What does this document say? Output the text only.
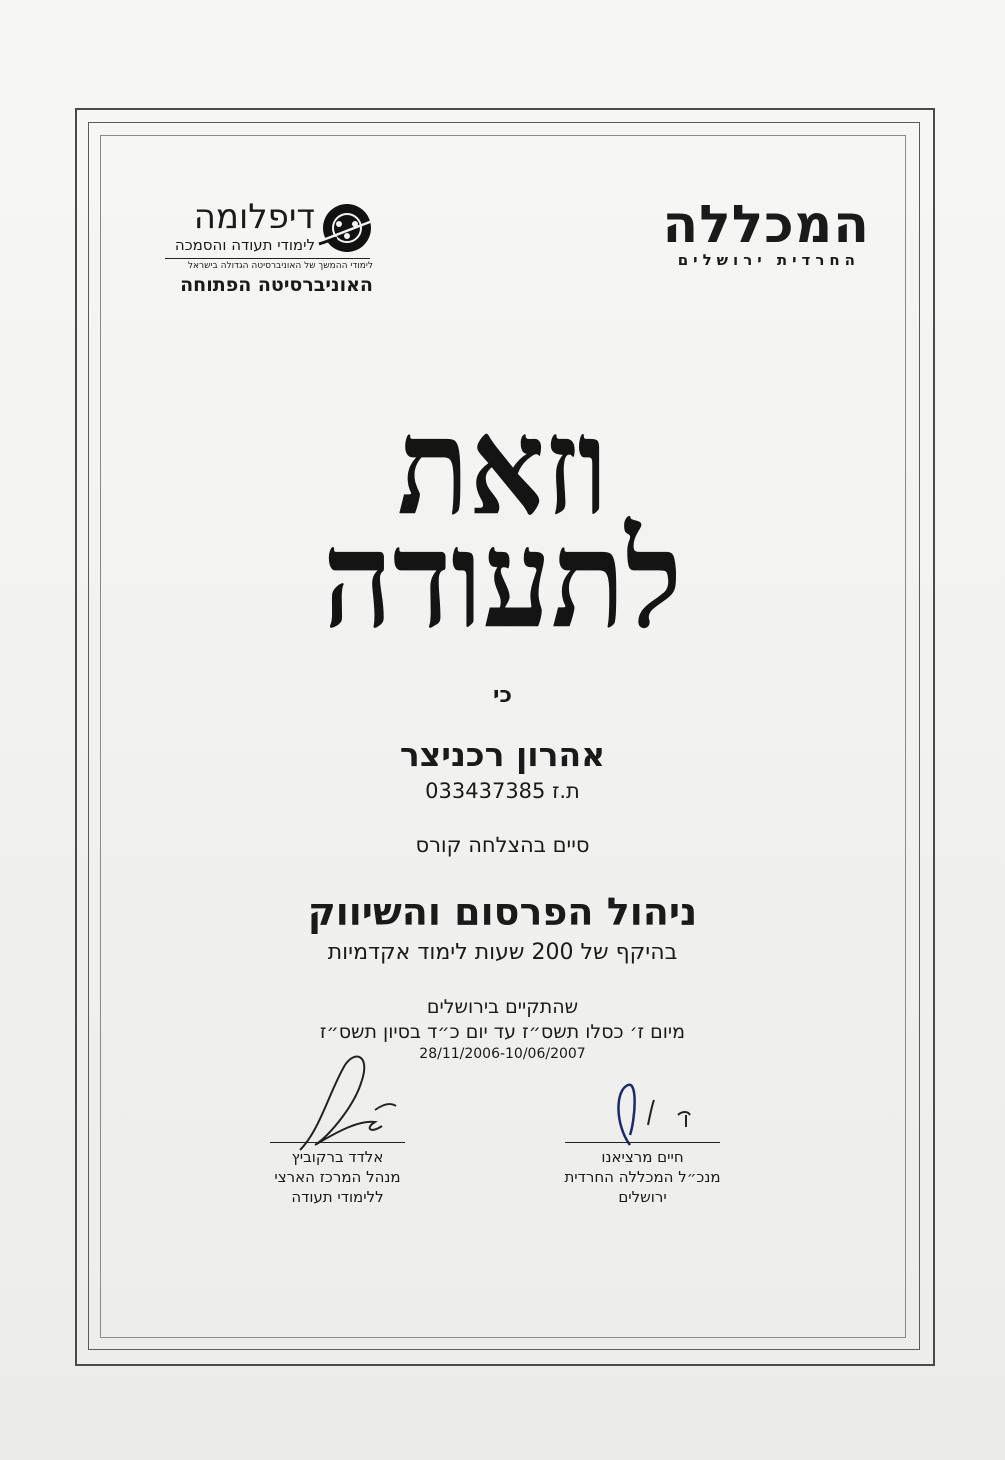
המכללה
החרדית ירושלים
דיפלומה
לימודי תעודה והסמכה
לימודי ההמשך של האוניברסיטה הגדולה בישראל
האוניברסיטה הפתוחה
וזאת
לתעודה
כי
אהרון רכניצר
ת.ז 033437385
סיים בהצלחה קורס
ניהול הפרסום והשיווק
בהיקף של 200 שעות לימוד אקדמיות
שהתקיים בירושלים
מיום ז׳ כסלו תשס״ז עד יום כ״ד בסיון תשס״ז
28/11/2006-10/06/2007
אלדד ברקוביץ
מנהל המרכז הארצי
ללימודי תעודה
חיים מרציאנו
מנכ״ל המכללה החרדית
ירושלים
